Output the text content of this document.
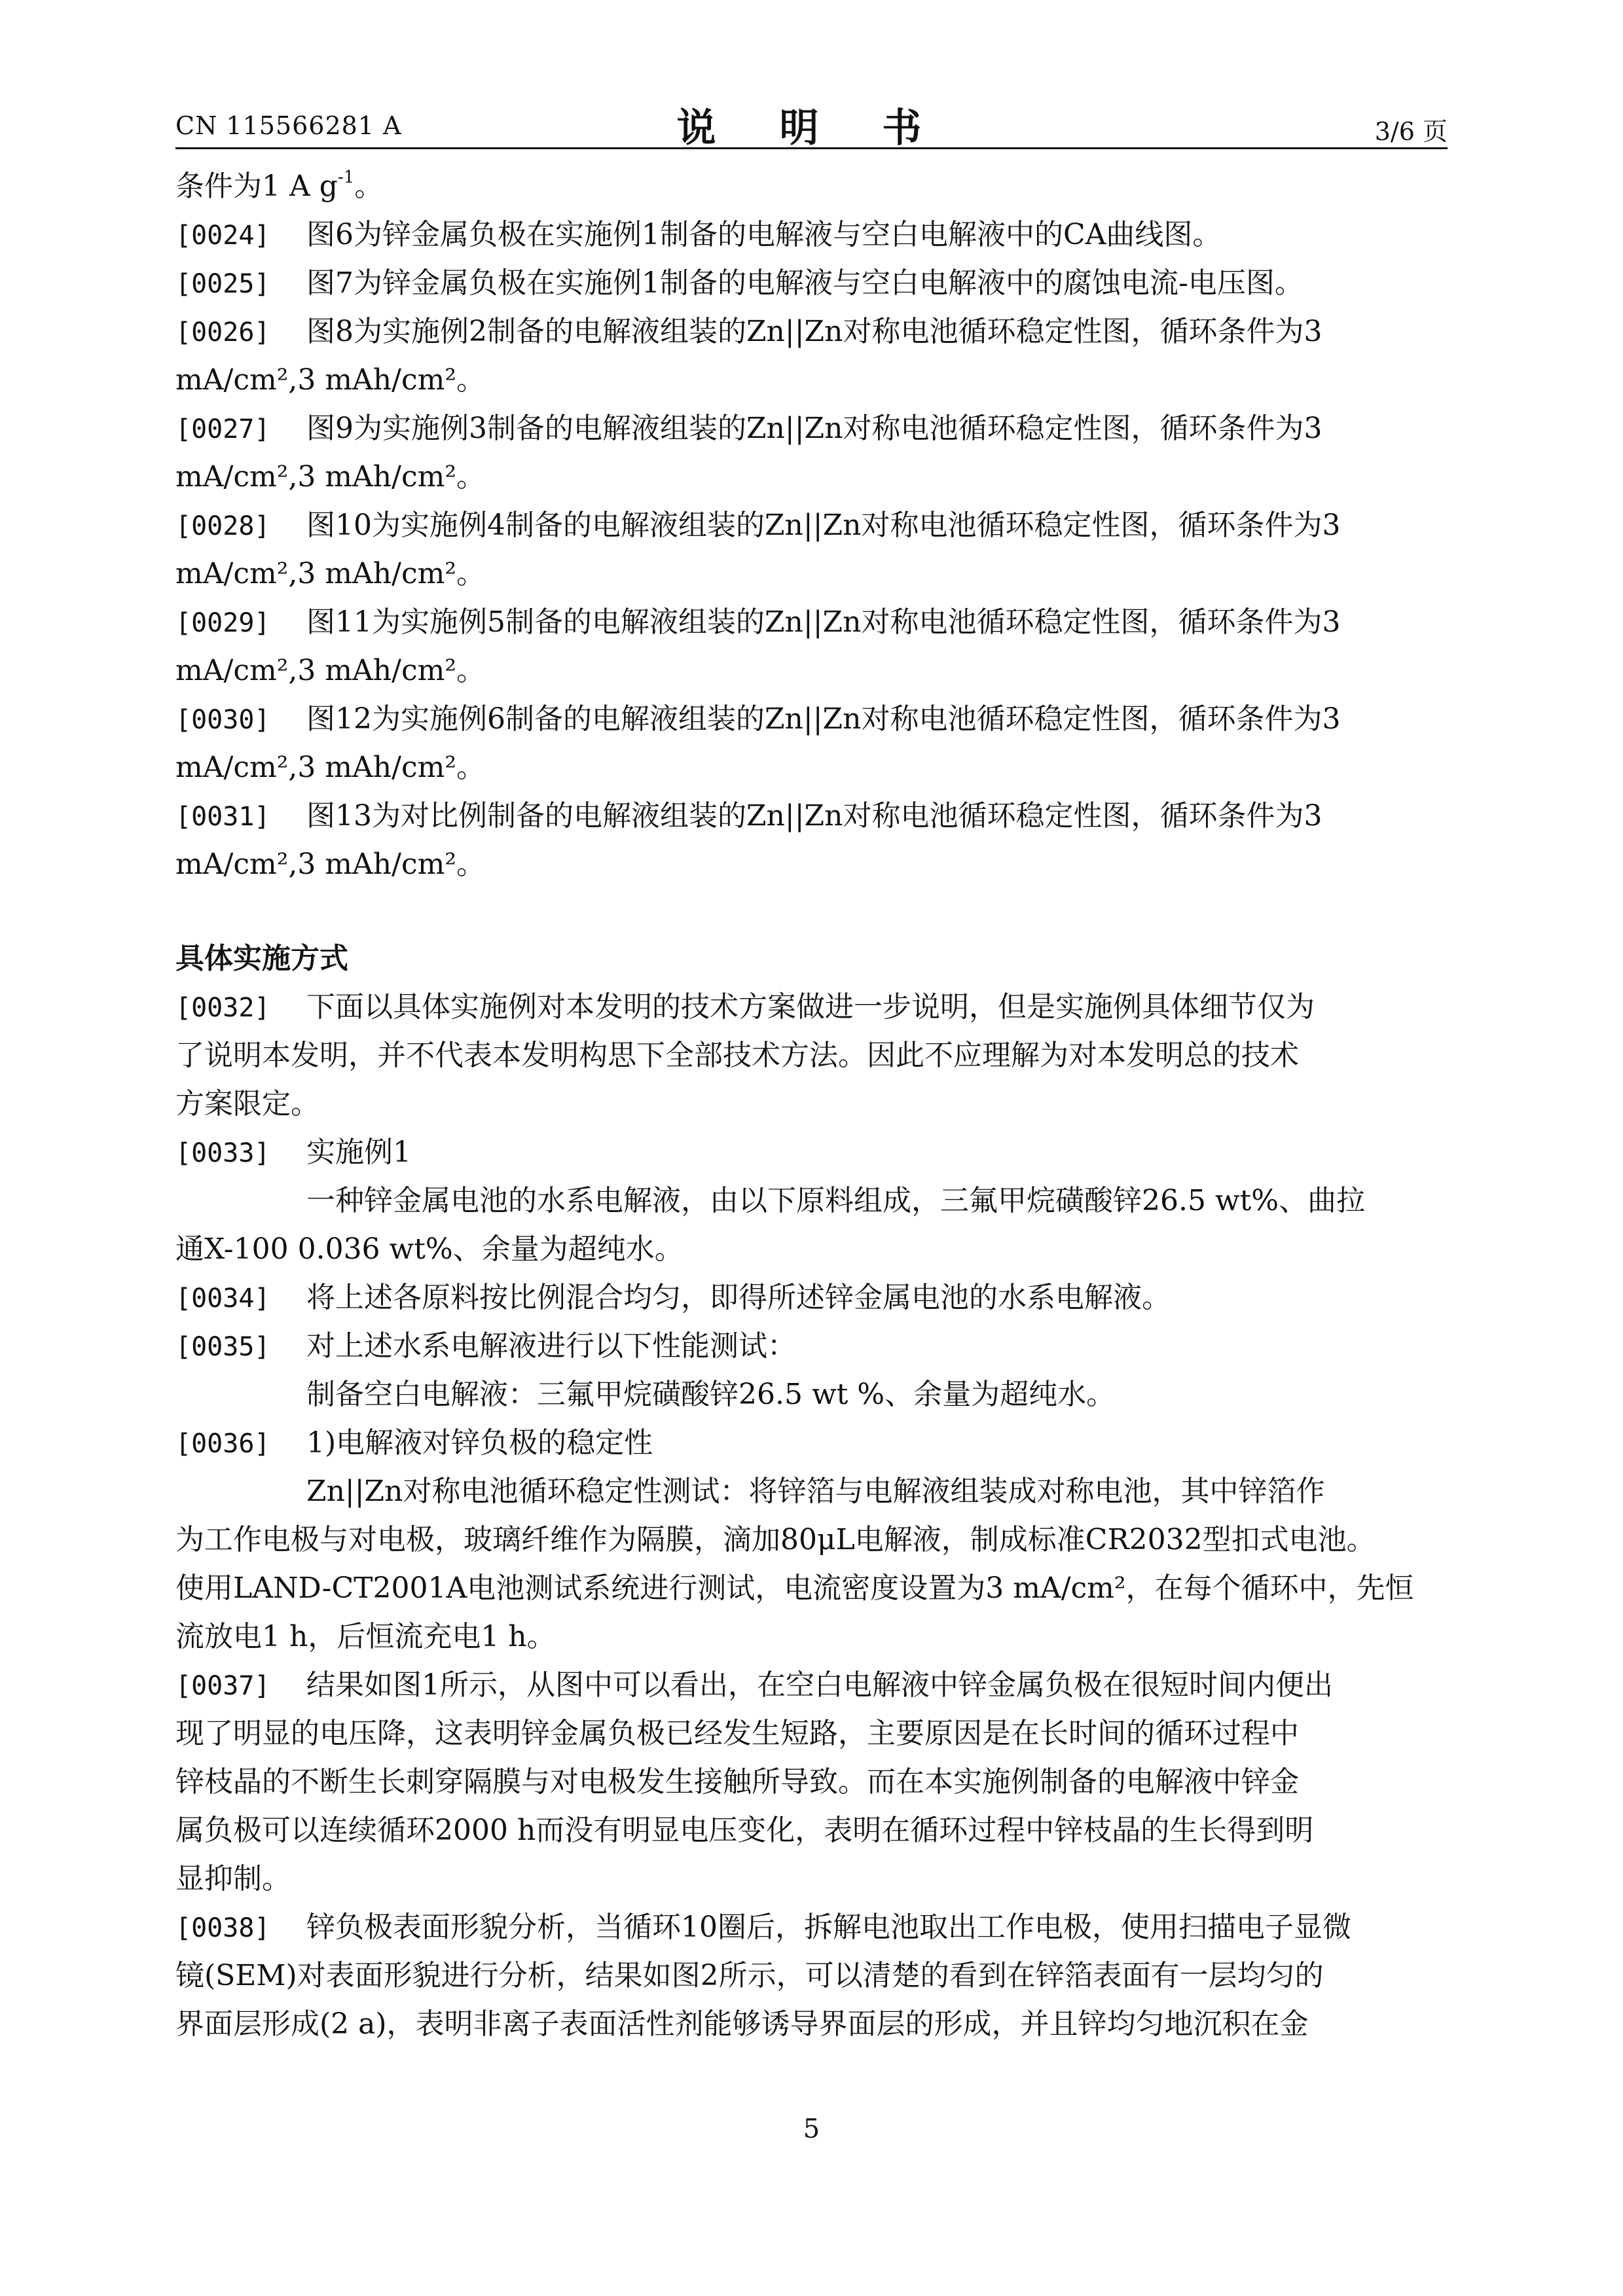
CN 115566281 A	说 明 书	3/6 页
条件为1 A $g^{-1}$。
[0024] 图6为锌金属负极在实施例1制备的电解液与空白电解液中的CA曲线图。
[0025] 图7为锌金属负极在实施例1制备的电解液与空白电解液中的腐蚀电流-电压图。
[0026] 图8为实施例2制备的电解液组装的Zn||Zn对称电池循环稳定性图，循环条件为3
mA/cm²,3 mAh/cm²。
[0027] 图9为实施例3制备的电解液组装的Zn||Zn对称电池循环稳定性图，循环条件为3
mA/cm²,3 mAh/cm²。
[0028] 图10为实施例4制备的电解液组装的Zn||Zn对称电池循环稳定性图，循环条件为3
mA/cm²,3 mAh/cm²。
[0029] 图11为实施例5制备的电解液组装的Zn||Zn对称电池循环稳定性图，循环条件为3
mA/cm²,3 mAh/cm²。
[0030] 图12为实施例6制备的电解液组装的Zn||Zn对称电池循环稳定性图，循环条件为3
mA/cm²,3 mAh/cm²。
[0031] 图13为对比例制备的电解液组装的Zn||Zn对称电池循环稳定性图，循环条件为3
mA/cm²,3 mAh/cm²。
具体实施方式
[0032] 下面以具体实施例对本发明的技术方案做进一步说明，但是实施例具体细节仅为
了说明本发明，并不代表本发明构思下全部技术方法。因此不应理解为对本发明总的技术
方案限定。
[0033] 实施例1
一种锌金属电池的水系电解液，由以下原料组成，三氟甲烷磺酸锌26.5 wt%、曲拉
通X-100 0.036 wt%、余量为超纯水。
[0034] 将上述各原料按比例混合均匀，即得所述锌金属电池的水系电解液。
[0035] 对上述水系电解液进行以下性能测试：
制备空白电解液：三氟甲烷磺酸锌26.5 wt %、余量为超纯水。
[0036] 1)电解液对锌负极的稳定性
Zn||Zn对称电池循环稳定性测试：将锌箔与电解液组装成对称电池，其中锌箔作
为工作电极与对电极，玻璃纤维作为隔膜，滴加80μL电解液，制成标准CR2032型扣式电池。
使用LAND-CT2001A电池测试系统进行测试，电流密度设置为3 mA/cm²，在每个循环中，先恒
流放电1 h，后恒流充电1 h。
[0037] 结果如图1所示，从图中可以看出，在空白电解液中锌金属负极在很短时间内便出
现了明显的电压降，这表明锌金属负极已经发生短路，主要原因是在长时间的循环过程中
锌枝晶的不断生长刺穿隔膜与对电极发生接触所导致。而在本实施例制备的电解液中锌金
属负极可以连续循环2000 h而没有明显电压变化，表明在循环过程中锌枝晶的生长得到明
显抑制。
[0038] 锌负极表面形貌分析，当循环10圈后，拆解电池取出工作电极，使用扫描电子显微
镜(SEM)对表面形貌进行分析，结果如图2所示，可以清楚的看到在锌箔表面有一层均匀的
界面层形成(2 a)，表明非离子表面活性剂能够诱导界面层的形成，并且锌均匀地沉积在金
5
